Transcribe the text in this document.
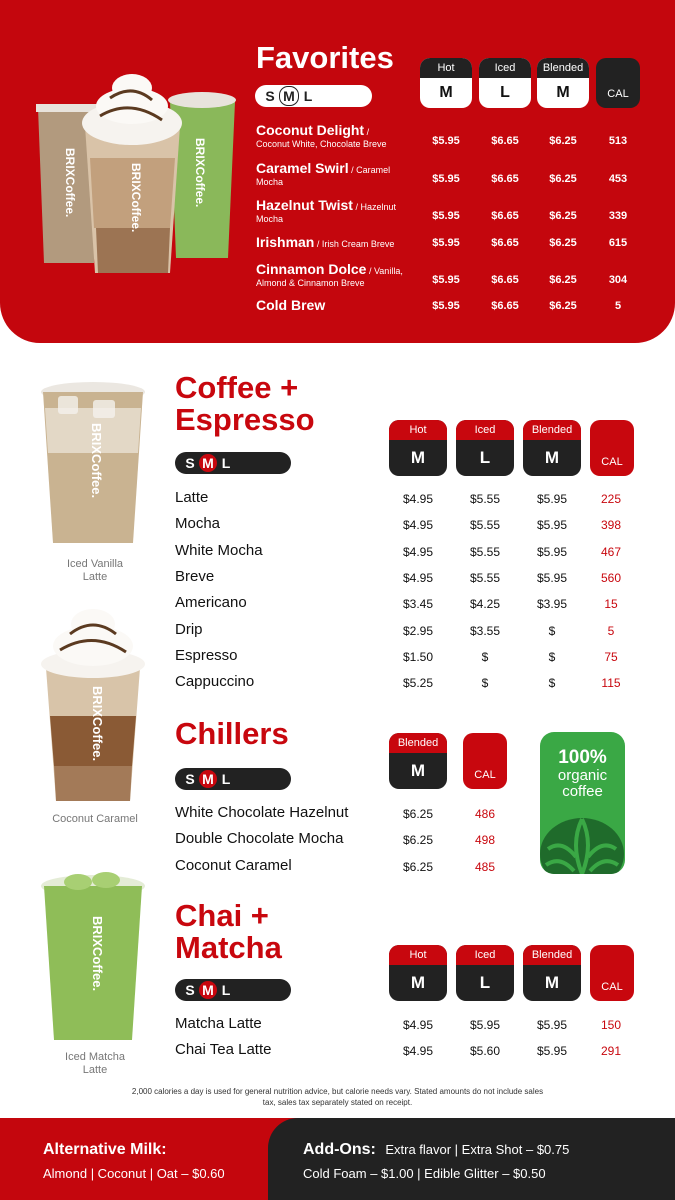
BRIXCoffee.
BRIXCoffee.	BRIXCoffee.
Favorites
S M L
Hot
M
Iced
L
Blended
M	CAL
Coconut Delight /
Coconut White, Chocolate Breve	$5.95	$6.65	$6.25	513
Caramel Swirl / Caramel
Mocha	$5.95	$6.65	$6.25	453
Hazelnut Twist / Hazelnut
Mocha	$5.95	$6.65	$6.25	339
Irishman / Irish Cream Breve	$5.95	$6.65	$6.25	615
Cinnamon Dolce / Vanilla,
Almond & Cinnamon Breve	$5.95	$6.65	$6.25	304
Cold Brew	$5.95	$6.65	$6.25	5
BRIXCoffee.
Iced Vanilla
Latte
Coffee +
Espresso
S M L
Hot
M
Iced
L
Blended
M	CAL
Latte	$4.95	$5.55	$5.95	225
Mocha	$4.95	$5.55	$5.95	398
White Mocha	$4.95	$5.55	$5.95	467
Breve	$4.95	$5.55	$5.95	560
Americano	$3.45	$4.25	$3.95	15
Drip	$2.95	$3.55	$	5
Espresso	$1.50	$	$	75
Cappuccino	$5.25	$	$	115
BRIXCoffee.
Coconut Caramel
Chillers
S M L
Blended
M	CAL
White Chocolate Hazelnut	$6.25	486
Double Chocolate Mocha	$6.25	498
Coconut Caramel	$6.25	485
100%
organic
coffee
BRIXCoffee.
Iced Matcha
Latte
Chai +
Matcha
S M L
Hot
M
Iced
L
Blended
M	CAL
Matcha Latte	$4.95	$5.95	$5.95	150
Chai Tea Latte	$4.95	$5.60	$5.95	291
2,000 calories a day is used for general nutrition advice, but calorie needs vary. Stated amounts do not include sales
tax, sales tax separately stated on receipt.
Alternative Milk:
Almond | Coconut | Oat – $0.60
Add-Ons: Extra flavor | Extra Shot – $0.75
Cold Foam – $1.00 | Edible Glitter – $0.50
